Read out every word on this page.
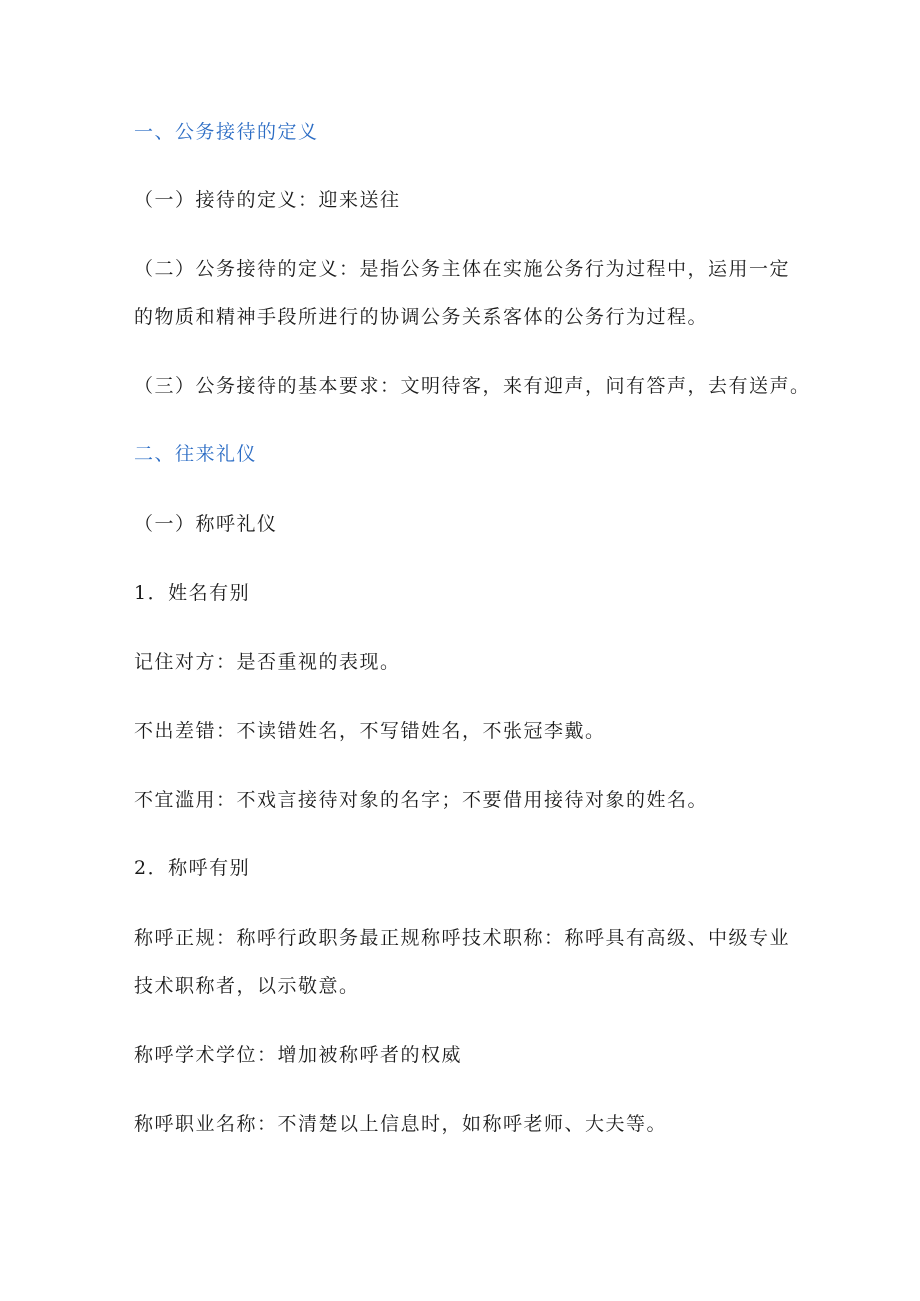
一、公务接待的定义
（一）接待的定义：迎来送往
（二）公务接待的定义：是指公务主体在实施公务行为过程中，运用一定
的物质和精神手段所进行的协调公务关系客体的公务行为过程。
（三）公务接待的基本要求：文明待客，来有迎声，问有答声，去有送声。
二、往来礼仪
（一）称呼礼仪
1．姓名有别
记住对方：是否重视的表现。
不出差错：不读错姓名，不写错姓名，不张冠李戴。
不宜滥用：不戏言接待对象的名字；不要借用接待对象的姓名。
2．称呼有别
称呼正规：称呼行政职务最正规称呼技术职称：称呼具有高级、中级专业
技术职称者，以示敬意。
称呼学术学位：增加被称呼者的权威
称呼职业名称：不清楚以上信息时，如称呼老师、大夫等。
